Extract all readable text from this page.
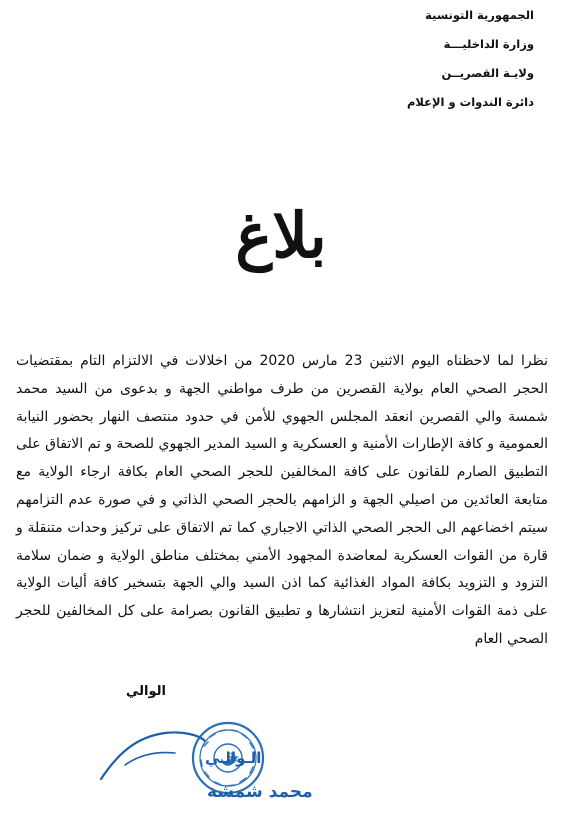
الجمهورية التونسية
وزارة الداخليـــة
ولايـة القصريــن
دائرة الندوات و الإعلام
بلاغ
نظرا لما لاحظناه اليوم الاثنين 23 مارس 2020 من اخلالات في الالتزام التام بمقتضيات الحجر الصحي العام بولاية القصرين من طرف مواطني الجهة و بدعوى من السيد محمد شمسة والي القصرين انعقد المجلس الجهوي للأمن في حدود منتصف النهار بحضور النيابة العمومية و كافة الإطارات الأمنية و العسكرية و السيد المدير الجهوي للصحة و تم الاتفاق على التطبيق الصارم للقانون على كافة المخالفين للحجر الصحي العام بكافة ارجاء الولاية مع متابعة العائدين من اصيلي الجهة و الزامهم بالحجر الصحي الذاتي و في صورة عدم التزامهم سيتم اخضاعهم الى الحجر الصحي الذاتي الاجباري كما تم الاتفاق على تركيز وحدات متنقلة و قارة من القوات العسكرية لمعاضدة المجهود الأمني بمختلف مناطق الولاية و ضمان سلامة التزود و التزويد بكافة المواد الغذائية كما اذن السيد والي الجهة بتسخير كافة أليات الولاية على ذمة القوات الأمنية لتعزيز انتشارها و تطبيق القانون بصرامة على كل المخالفين للحجر الصحي العام
الوالي
الـوالـي
محمد شمشة
